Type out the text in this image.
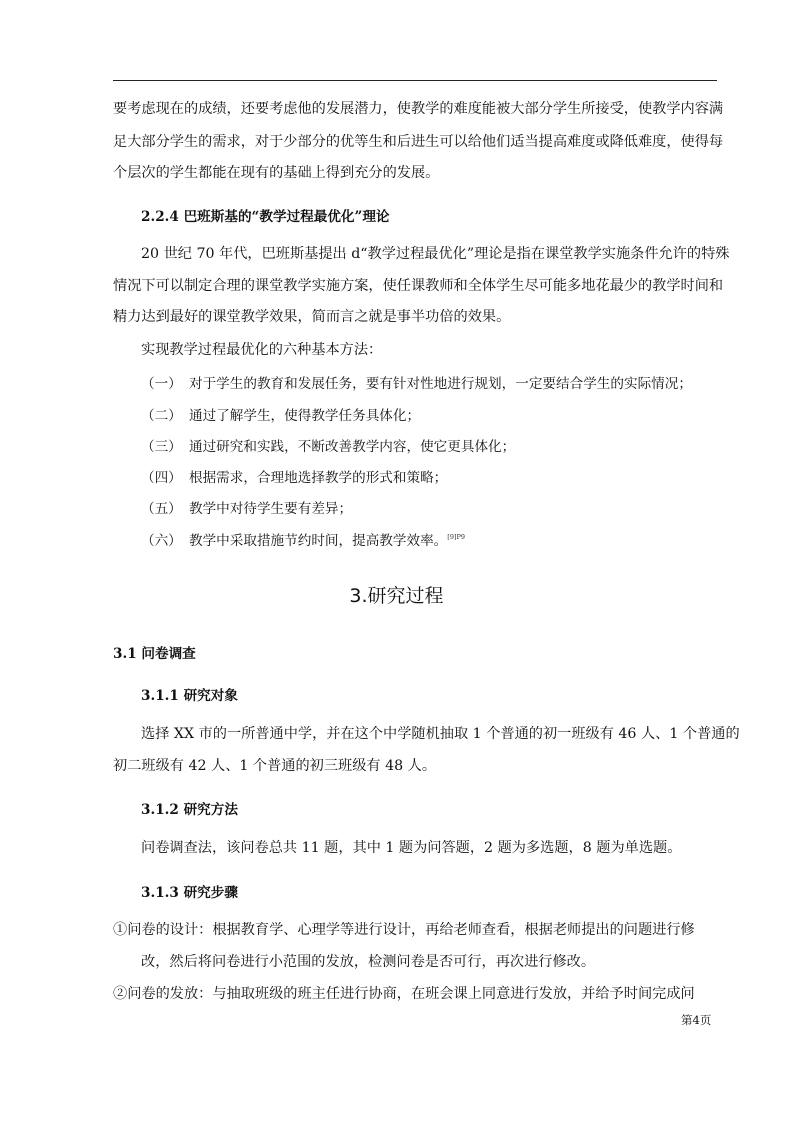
要考虑现在的成绩，还要考虑他的发展潜力，使教学的难度能被大部分学生所接受，使教学内容满
足大部分学生的需求，对于少部分的优等生和后进生可以给他们适当提高难度或降低难度，使得每
个层次的学生都能在现有的基础上得到充分的发展。
2.2.4 巴班斯基的“教学过程最优化”理论
20 世纪 70 年代，巴班斯基提出 d“教学过程最优化”理论是指在课堂教学实施条件允许的特殊
情况下可以制定合理的课堂教学实施方案，使任课教师和全体学生尽可能多地花最少的教学时间和
精力达到最好的课堂教学效果，简而言之就是事半功倍的效果。
实现教学过程最优化的六种基本方法：
（一） 对于学生的教育和发展任务，要有针对性地进行规划，一定要结合学生的实际情况；
（二） 通过了解学生，使得教学任务具体化；
（三） 通过研究和实践，不断改善教学内容，使它更具体化；
（四） 根据需求，合理地选择教学的形式和策略；
（五） 教学中对待学生要有差异；
（六） 教学中采取措施节约时间，提高教学效率。$^{[9]P9}$
3.研究过程
3.1 问卷调查
3.1.1 研究对象
选择 XX 市的一所普通中学，并在这个中学随机抽取 1 个普通的初一班级有 46 人、1 个普通的
初二班级有 42 人、1 个普通的初三班级有 48 人。
3.1.2 研究方法
问卷调查法，该问卷总共 11 题，其中 1 题为问答题，2 题为多选题，8 题为单选题。
3.1.3 研究步骤
①问卷的设计：根据教育学、心理学等进行设计，再给老师查看，根据老师提出的问题进行修
改，然后将问卷进行小范围的发放，检测问卷是否可行，再次进行修改。
②问卷的发放：与抽取班级的班主任进行协商，在班会课上同意进行发放，并给予时间完成问
第4页
